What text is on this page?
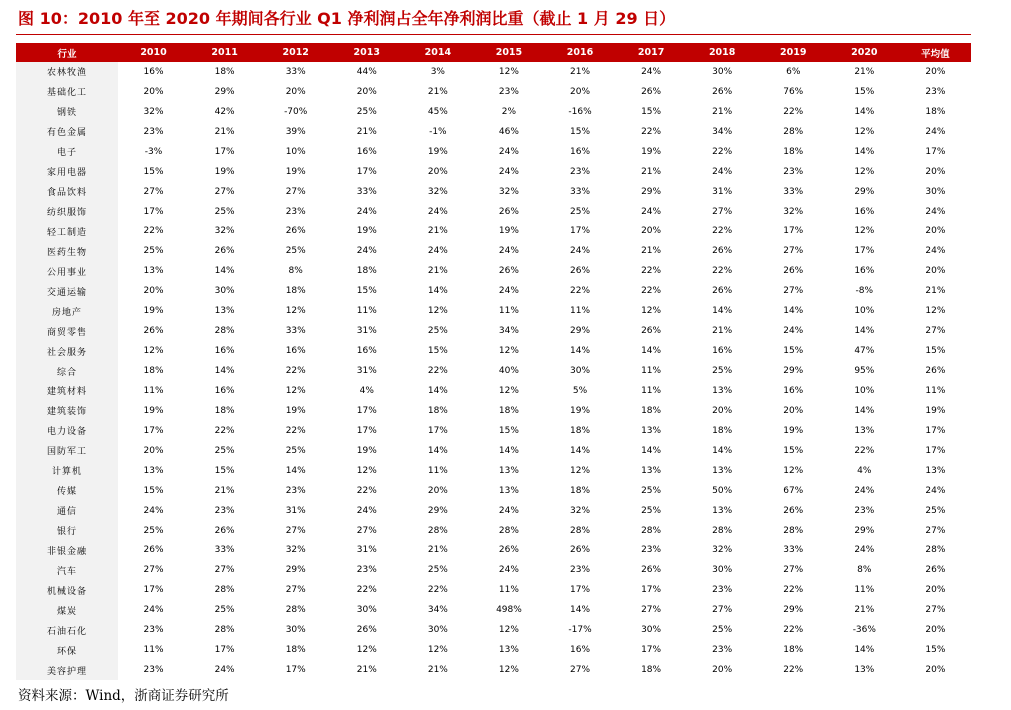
图 10：2010 年至 2020 年期间各行业 Q1 净利润占全年净利润比重（截止 1 月 29 日）
行业	2010	2011	2012	2013	2014	2015	2016	2017	2018	2019	2020	平均值
农林牧渔	16%	18%	33%	44%	3%	12%	21%	24%	30%	6%	21%	20%
基础化工	20%	29%	20%	20%	21%	23%	20%	26%	26%	76%	15%	23%
钢铁	32%	42%	-70%	25%	45%	2%	-16%	15%	21%	22%	14%	18%
有色金属	23%	21%	39%	21%	-1%	46%	15%	22%	34%	28%	12%	24%
电子	-3%	17%	10%	16%	19%	24%	16%	19%	22%	18%	14%	17%
家用电器	15%	19%	19%	17%	20%	24%	23%	21%	24%	23%	12%	20%
食品饮料	27%	27%	27%	33%	32%	32%	33%	29%	31%	33%	29%	30%
纺织服饰	17%	25%	23%	24%	24%	26%	25%	24%	27%	32%	16%	24%
轻工制造	22%	32%	26%	19%	21%	19%	17%	20%	22%	17%	12%	20%
医药生物	25%	26%	25%	24%	24%	24%	24%	21%	26%	27%	17%	24%
公用事业	13%	14%	8%	18%	21%	26%	26%	22%	22%	26%	16%	20%
交通运输	20%	30%	18%	15%	14%	24%	22%	22%	26%	27%	-8%	21%
房地产	19%	13%	12%	11%	12%	11%	11%	12%	14%	14%	10%	12%
商贸零售	26%	28%	33%	31%	25%	34%	29%	26%	21%	24%	14%	27%
社会服务	12%	16%	16%	16%	15%	12%	14%	14%	16%	15%	47%	15%
综合	18%	14%	22%	31%	22%	40%	30%	11%	25%	29%	95%	26%
建筑材料	11%	16%	12%	4%	14%	12%	5%	11%	13%	16%	10%	11%
建筑装饰	19%	18%	19%	17%	18%	18%	19%	18%	20%	20%	14%	19%
电力设备	17%	22%	22%	17%	17%	15%	18%	13%	18%	19%	13%	17%
国防军工	20%	25%	25%	19%	14%	14%	14%	14%	14%	15%	22%	17%
计算机	13%	15%	14%	12%	11%	13%	12%	13%	13%	12%	4%	13%
传媒	15%	21%	23%	22%	20%	13%	18%	25%	50%	67%	24%	24%
通信	24%	23%	31%	24%	29%	24%	32%	25%	13%	26%	23%	25%
银行	25%	26%	27%	27%	28%	28%	28%	28%	28%	28%	29%	27%
非银金融	26%	33%	32%	31%	21%	26%	26%	23%	32%	33%	24%	28%
汽车	27%	27%	29%	23%	25%	24%	23%	26%	30%	27%	8%	26%
机械设备	17%	28%	27%	22%	22%	11%	17%	17%	23%	22%	11%	20%
煤炭	24%	25%	28%	30%	34%	498%	14%	27%	27%	29%	21%	27%
石油石化	23%	28%	30%	26%	30%	12%	-17%	30%	25%	22%	-36%	20%
环保	11%	17%	18%	12%	12%	13%	16%	17%	23%	18%	14%	15%
美容护理	23%	24%	17%	21%	21%	12%	27%	18%	20%	22%	13%	20%
资料来源：Wind，浙商证券研究所
